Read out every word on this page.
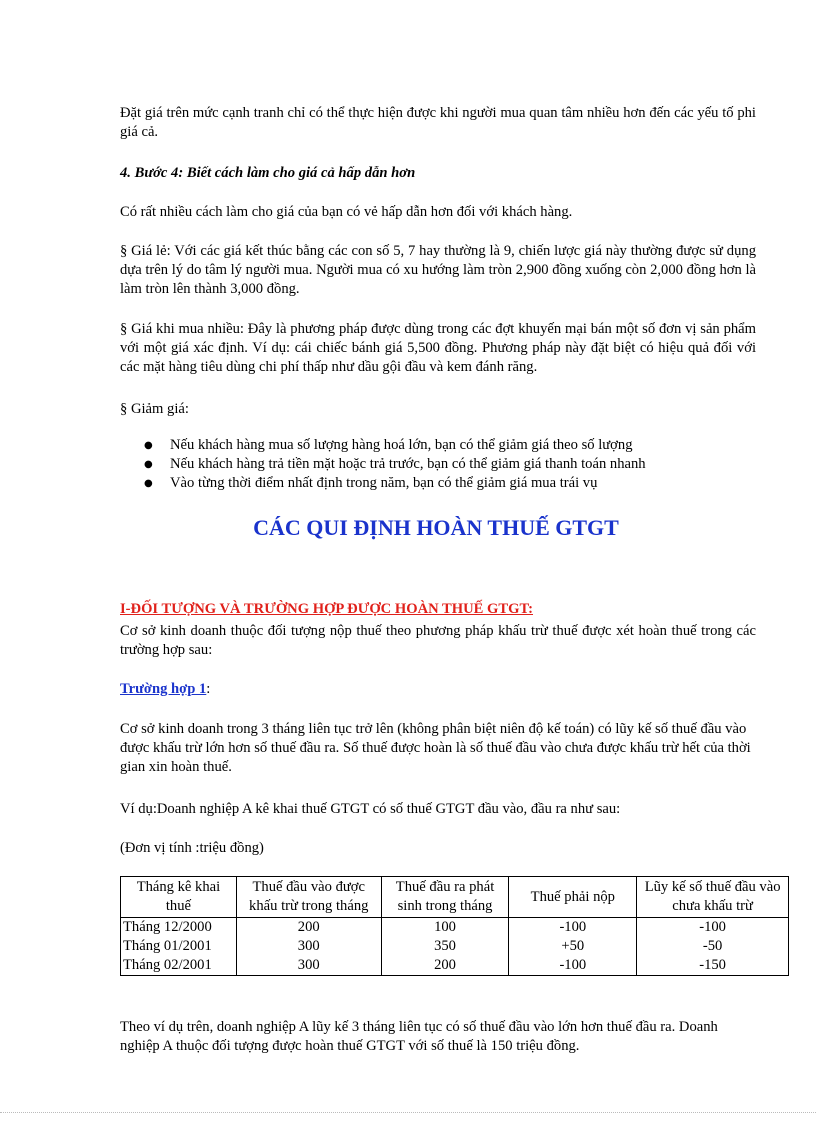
Đặt giá trên mức cạnh tranh chỉ có thể thực hiện được khi người mua quan tâm nhiều hơn đến các yếu tố phi giá cả.

4. Bước 4: Biết cách làm cho giá cả hấp dẫn hơn

Có rất nhiều cách làm cho giá của bạn có vẻ hấp dẫn hơn đối với khách hàng.

§ Giá lẻ: Với các giá kết thúc bằng các con số 5, 7 hay thường là 9, chiến lược giá này thường được sử dụng dựa trên lý do tâm lý người mua. Người mua có xu hướng làm tròn 2,900 đồng xuống còn 2,000 đồng hơn là làm tròn lên thành 3,000 đồng.

§ Giá khi mua nhiều: Đây là phương pháp được dùng trong các đợt khuyến mại bán một số đơn vị sản phẩm với một giá xác định. Ví dụ: cái chiếc bánh giá 5,500 đồng. Phương pháp này đặt biệt có hiệu quả đối với các mặt hàng tiêu dùng chi phí thấp như dầu gội đầu và kem đánh răng.

§ Giảm giá:

● Nếu khách hàng mua số lượng hàng hoá lớn, bạn có thể giảm giá theo số lượng
● Nếu khách hàng trả tiền mặt hoặc trả trước, bạn có thể giảm giá thanh toán nhanh
● Vào từng thời điểm nhất định trong năm, bạn có thể giảm giá mua trái vụ
CÁC QUI ĐỊNH HOÀN THUẾ GTGT
I-ĐỐI TƯỢNG VÀ TRƯỜNG HỢP ĐƯỢC HOÀN THUẾ GTGT:

Cơ sở kinh doanh thuộc đối tượng nộp thuế theo phương pháp khấu trừ thuế được xét hoàn thuế trong các trường hợp sau:

Trường hợp 1:

Cơ sở kinh doanh trong 3 tháng liên tục trở lên (không phân biệt niên độ kế toán) có lũy kế số thuế đầu vào được khấu trừ lớn hơn số thuế đầu ra. Số thuế được hoàn là số thuế đầu vào chưa được khấu trừ hết của thời gian xin hoàn thuế.

Ví dụ:Doanh nghiệp A kê khai thuế GTGT có số thuế GTGT đầu vào, đầu ra như sau:

(Đơn vị tính :triệu đồng)

Tháng kê khai thuế	Thuế đầu vào được khấu trừ trong tháng	Thuế đầu ra phát sinh trong tháng	Thuế phải nộp	Lũy kế số thuế đầu vào chưa khấu trừ
Tháng 12/2000	200	100	-100	-100
Tháng 01/2001	300	350	+50	-50
Tháng 02/2001	300	200	-100	-150

Theo ví dụ trên, doanh nghiệp A lũy kế 3 tháng liên tục có số thuế đầu vào lớn hơn thuế đầu ra. Doanh nghiệp A thuộc đối tượng được hoàn thuế GTGT với số thuế là 150 triệu đồng.
